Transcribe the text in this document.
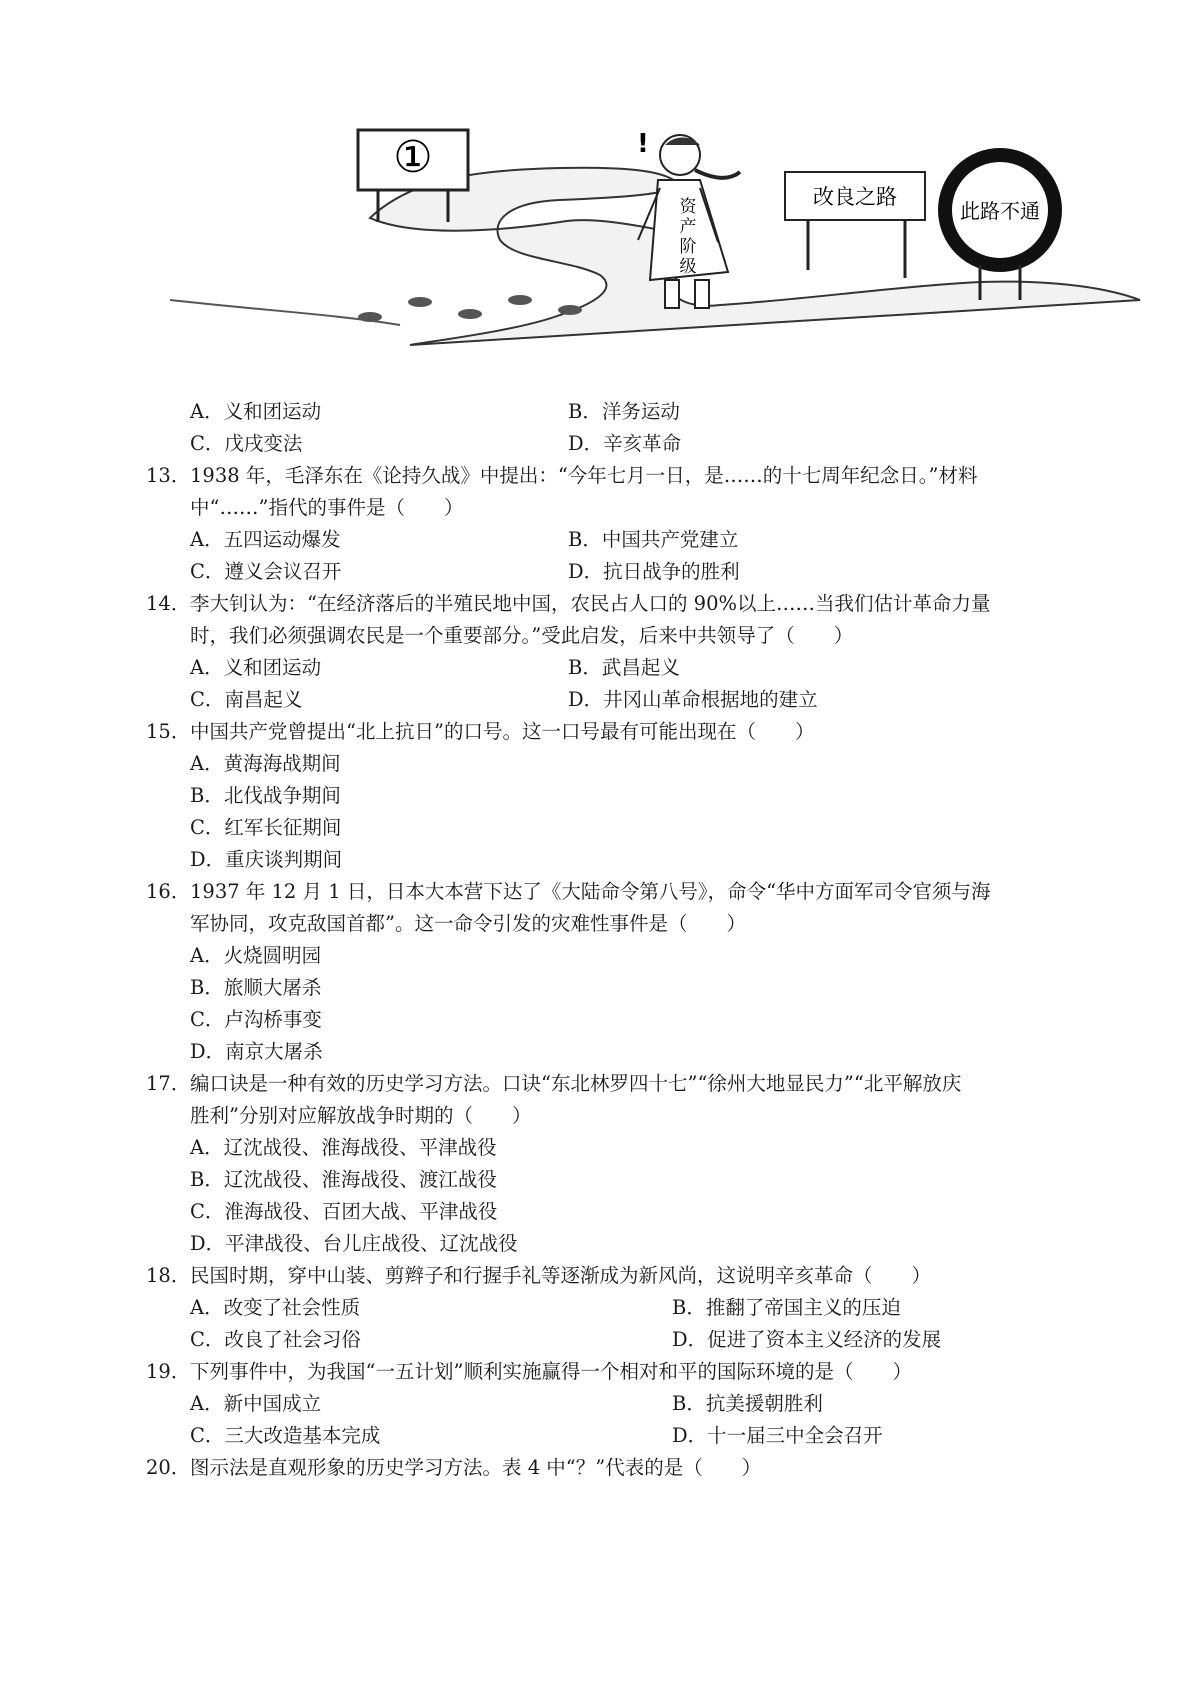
①	!
资
产
阶
级
改良之路
此路不通
A．义和团运动	B．洋务运动
C．戊戌变法	D．辛亥革命
13． 1938 年，毛泽东在《论持久战》中提出：“今年七月一日，是……的十七周年纪念日。”材料
中“……”指代的事件是（　　）
A．五四运动爆发	B．中国共产党建立
C．遵义会议召开	D．抗日战争的胜利
14． 李大钊认为：“在经济落后的半殖民地中国，农民占人口的 90%以上……当我们估计革命力量
时，我们必须强调农民是一个重要部分。”受此启发，后来中共领导了（　　）
A．义和团运动	B．武昌起义
C．南昌起义	D．井冈山革命根据地的建立
15． 中国共产党曾提出“北上抗日”的口号。这一口号最有可能出现在（　　）
A．黄海海战期间
B．北伐战争期间
C．红军长征期间
D．重庆谈判期间
16． 1937 年 12 月 1 日，日本大本营下达了《大陆命令第八号》，命令“华中方面军司令官须与海
军协同，攻克敌国首都”。这一命令引发的灾难性事件是（　　）
A．火烧圆明园
B．旅顺大屠杀
C．卢沟桥事变
D．南京大屠杀
17． 编口诀是一种有效的历史学习方法。口诀“东北林罗四十七”“徐州大地显民力”“北平解放庆
胜利”分别对应解放战争时期的（　　）
A．辽沈战役、淮海战役、平津战役
B．辽沈战役、淮海战役、渡江战役
C．淮海战役、百团大战、平津战役
D．平津战役、台儿庄战役、辽沈战役
18． 民国时期，穿中山装、剪辫子和行握手礼等逐渐成为新风尚，这说明辛亥革命（　　）
A．改变了社会性质	B．推翻了帝国主义的压迫
C．改良了社会习俗	D．促进了资本主义经济的发展
19． 下列事件中，为我国“一五计划”顺利实施赢得一个相对和平的国际环境的是（　　）
A．新中国成立	B．抗美援朝胜利
C．三大改造基本完成	D．十一届三中全会召开
20． 图示法是直观形象的历史学习方法。表 4 中“？”代表的是（　　）
